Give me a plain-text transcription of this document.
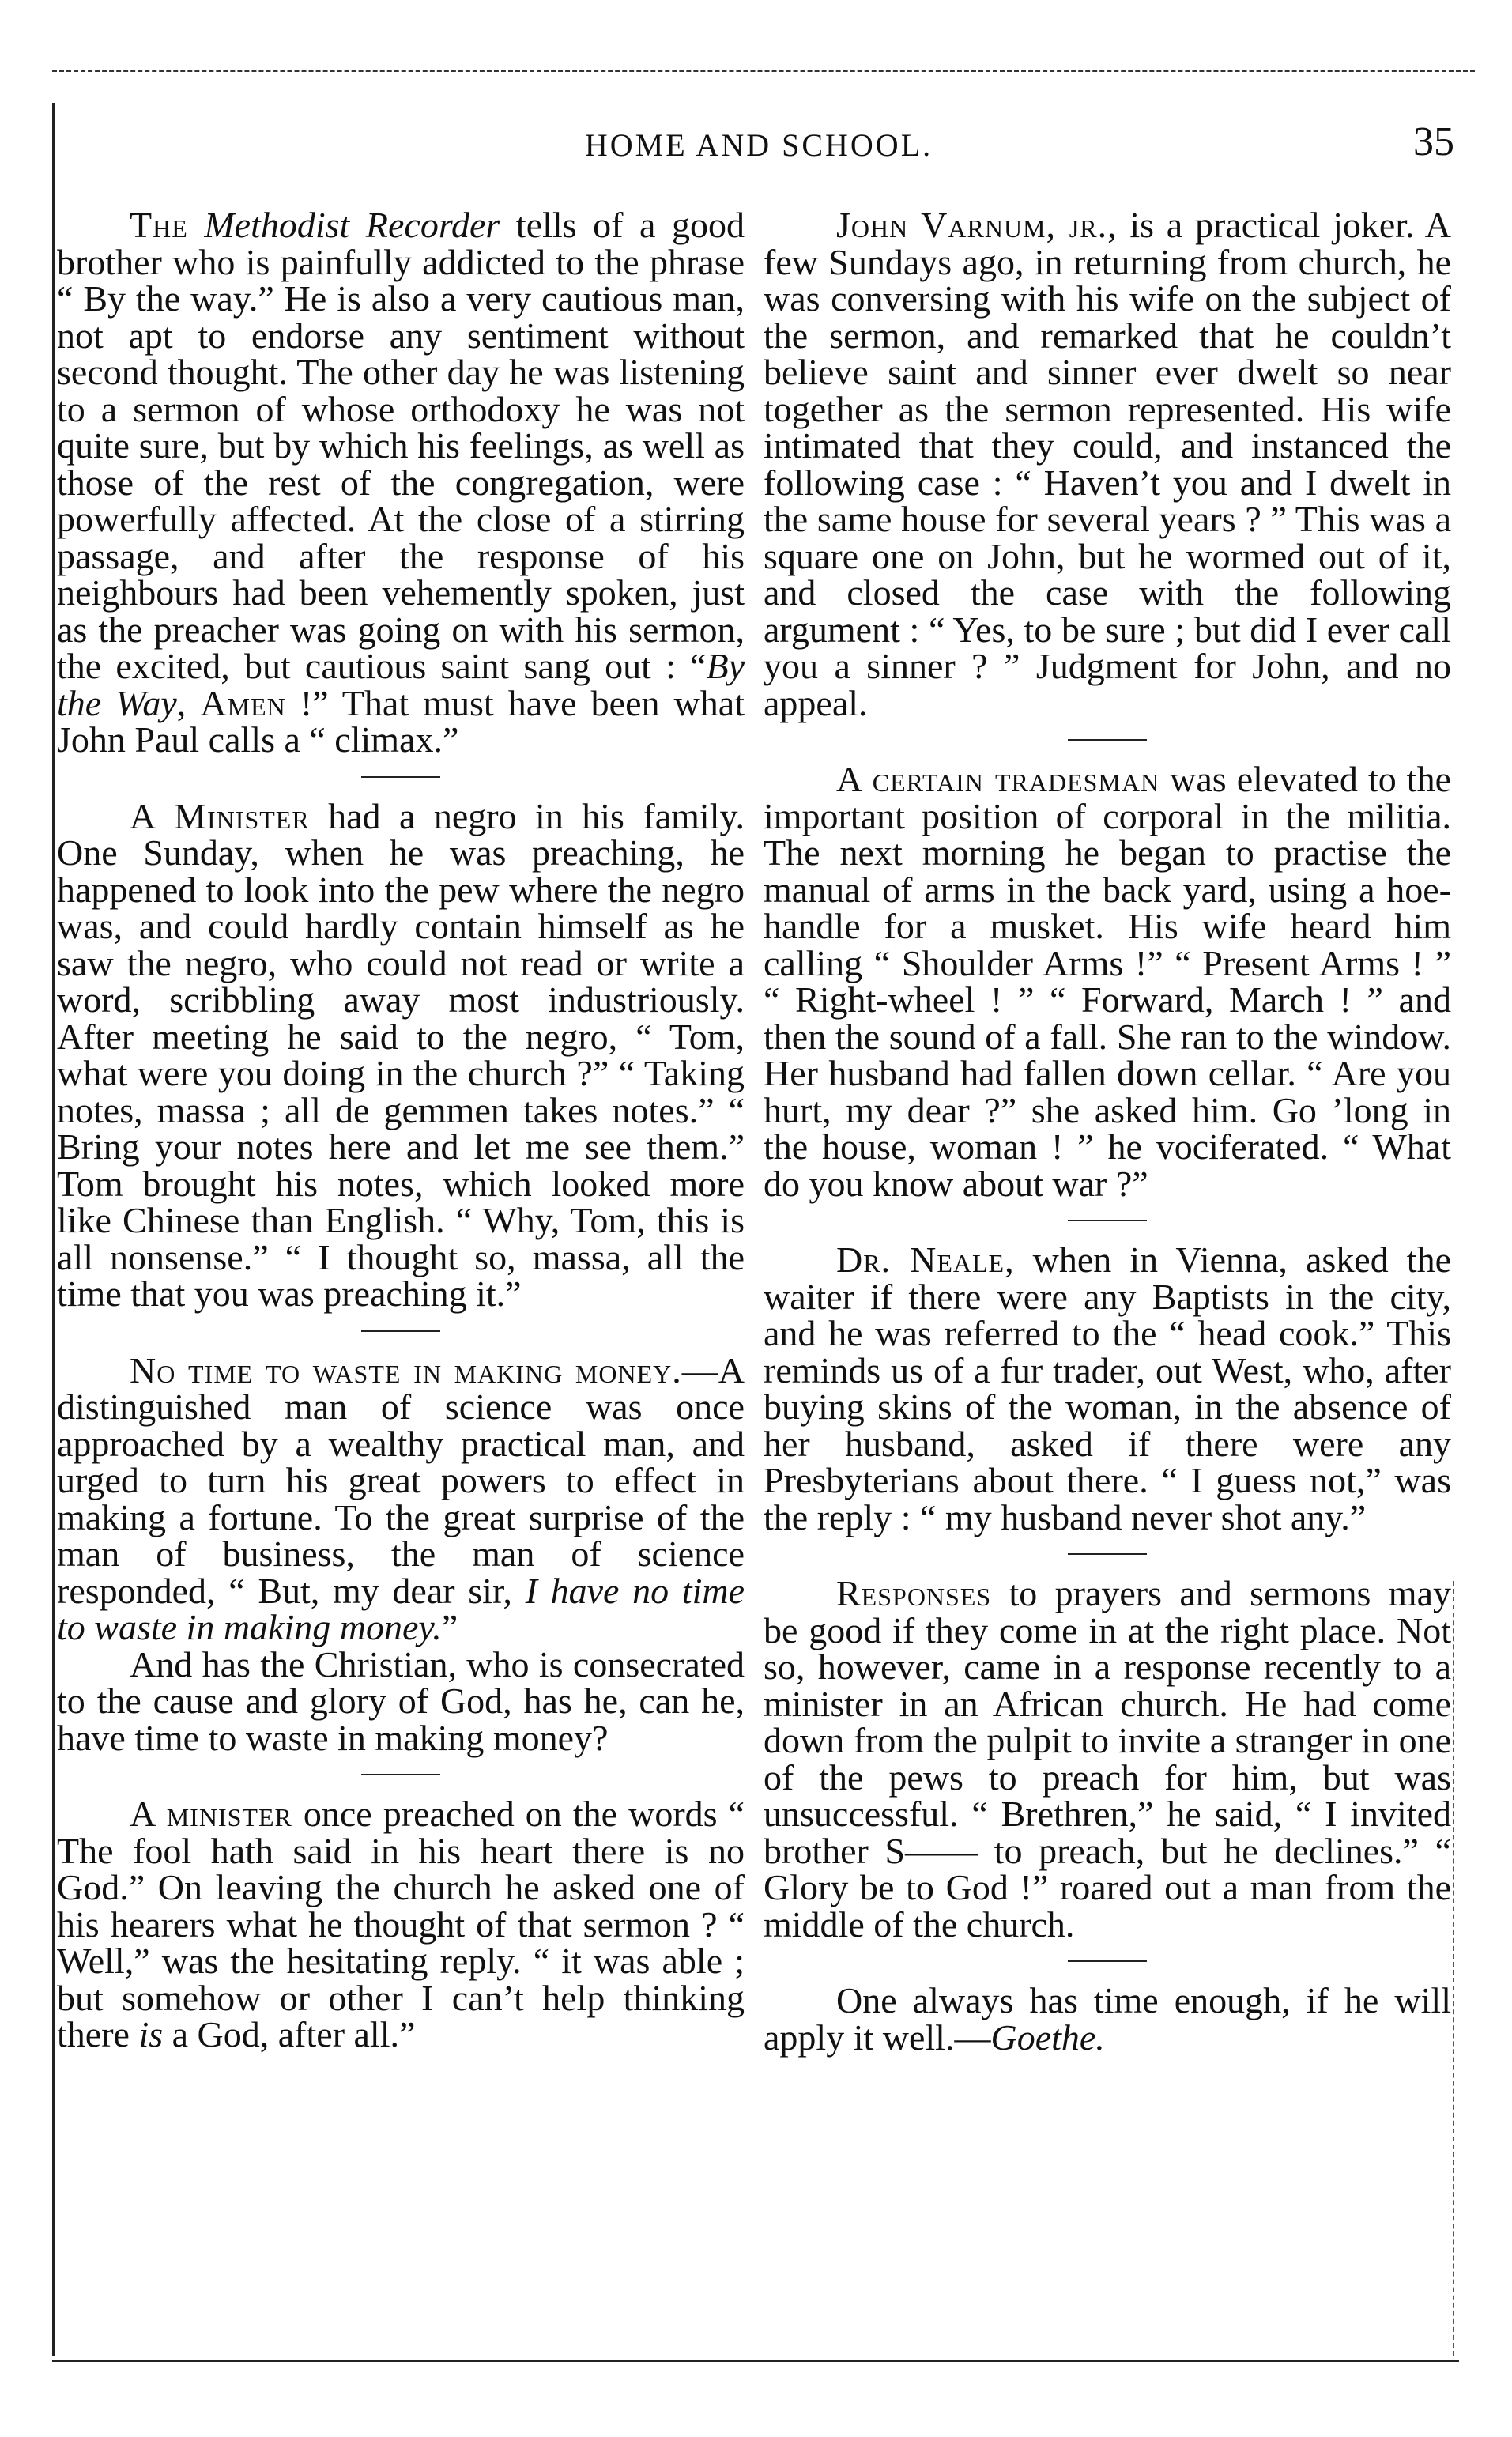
HOME AND SCHOOL.	35

The Methodist Recorder tells of a good brother who is painfully addicted to the phrase “ By the way.” He is also a very cautious man, not apt to endorse any sentiment without second thought. The other day he was listening to a sermon of whose orthodoxy he was not quite sure, but by which his feelings, as well as those of the rest of the congregation, were powerfully affected. At the close of a stirring passage, and after the response of his neighbours had been vehemently spoken, just as the preacher was going on with his sermon, the excited, but cautious saint sang out : “By the Way, Amen !” That must have been what John Paul calls a “ climax.”

A Minister had a negro in his family. One Sunday, when he was preaching, he happened to look into the pew where the negro was, and could hardly contain himself as he saw the negro, who could not read or write a word, scribbling away most industriously. After meeting he said to the negro, “ Tom, what were you doing in the church ?” “ Taking notes, massa ; all de gemmen takes notes.” “ Bring your notes here and let me see them.” Tom brought his notes, which looked more like Chinese than English. “ Why, Tom, this is all nonsense.” “ I thought so, massa, all the time that you was preaching it.”

No time to waste in making money.—A distinguished man of science was once approached by a wealthy practical man, and urged to turn his great powers to effect in making a fortune. To the great surprise of the man of business, the man of science responded, “ But, my dear sir, I have no time to waste in making money.”

And has the Christian, who is consecrated to the cause and glory of God, has he, can he, have time to waste in making money?

A minister once preached on the words “ The fool hath said in his heart there is no God.” On leaving the church he asked one of his hearers what he thought of that sermon ? “ Well,” was the hesitating reply. “ it was able ; but somehow or other I can’t help thinking there is a God, after all.”

John Varnum, jr., is a practical joker. A few Sundays ago, in returning from church, he was conversing with his wife on the subject of the sermon, and remarked that he couldn’t believe saint and sinner ever dwelt so near together as the sermon represented. His wife intimated that they could, and instanced the following case : “ Haven’t you and I dwelt in the same house for several years ? ” This was a square one on John, but he wormed out of it, and closed the case with the following argument : “ Yes, to be sure ; but did I ever call you a sinner ? ” Judgment for John, and no appeal.

A certain tradesman was elevated to the important position of corporal in the militia. The next morning he began to practise the manual of arms in the back yard, using a hoe-handle for a musket. His wife heard him calling “ Shoulder Arms !” “ Present Arms ! ” “ Right-wheel ! ” “ Forward, March ! ” and then the sound of a fall. She ran to the window. Her husband had fallen down cellar. “ Are you hurt, my dear ?” she asked him. Go ’long in the house, woman ! ” he vociferated. “ What do you know about war ?”

Dr. Neale, when in Vienna, asked the waiter if there were any Baptists in the city, and he was referred to the “ head cook.” This reminds us of a fur trader, out West, who, after buying skins of the woman, in the absence of her husband, asked if there were any Presbyterians about there. “ I guess not,” was the reply : “ my husband never shot any.”

Responses to prayers and sermons may be good if they come in at the right place. Not so, however, came in a response recently to a minister in an African church. He had come down from the pulpit to invite a stranger in one of the pews to preach for him, but was unsuccessful. “ Brethren,” he said, “ I invited brother S—— to preach, but he declines.” “ Glory be to God !” roared out a man from the middle of the church.

One always has time enough, if he will apply it well.—Goethe.
